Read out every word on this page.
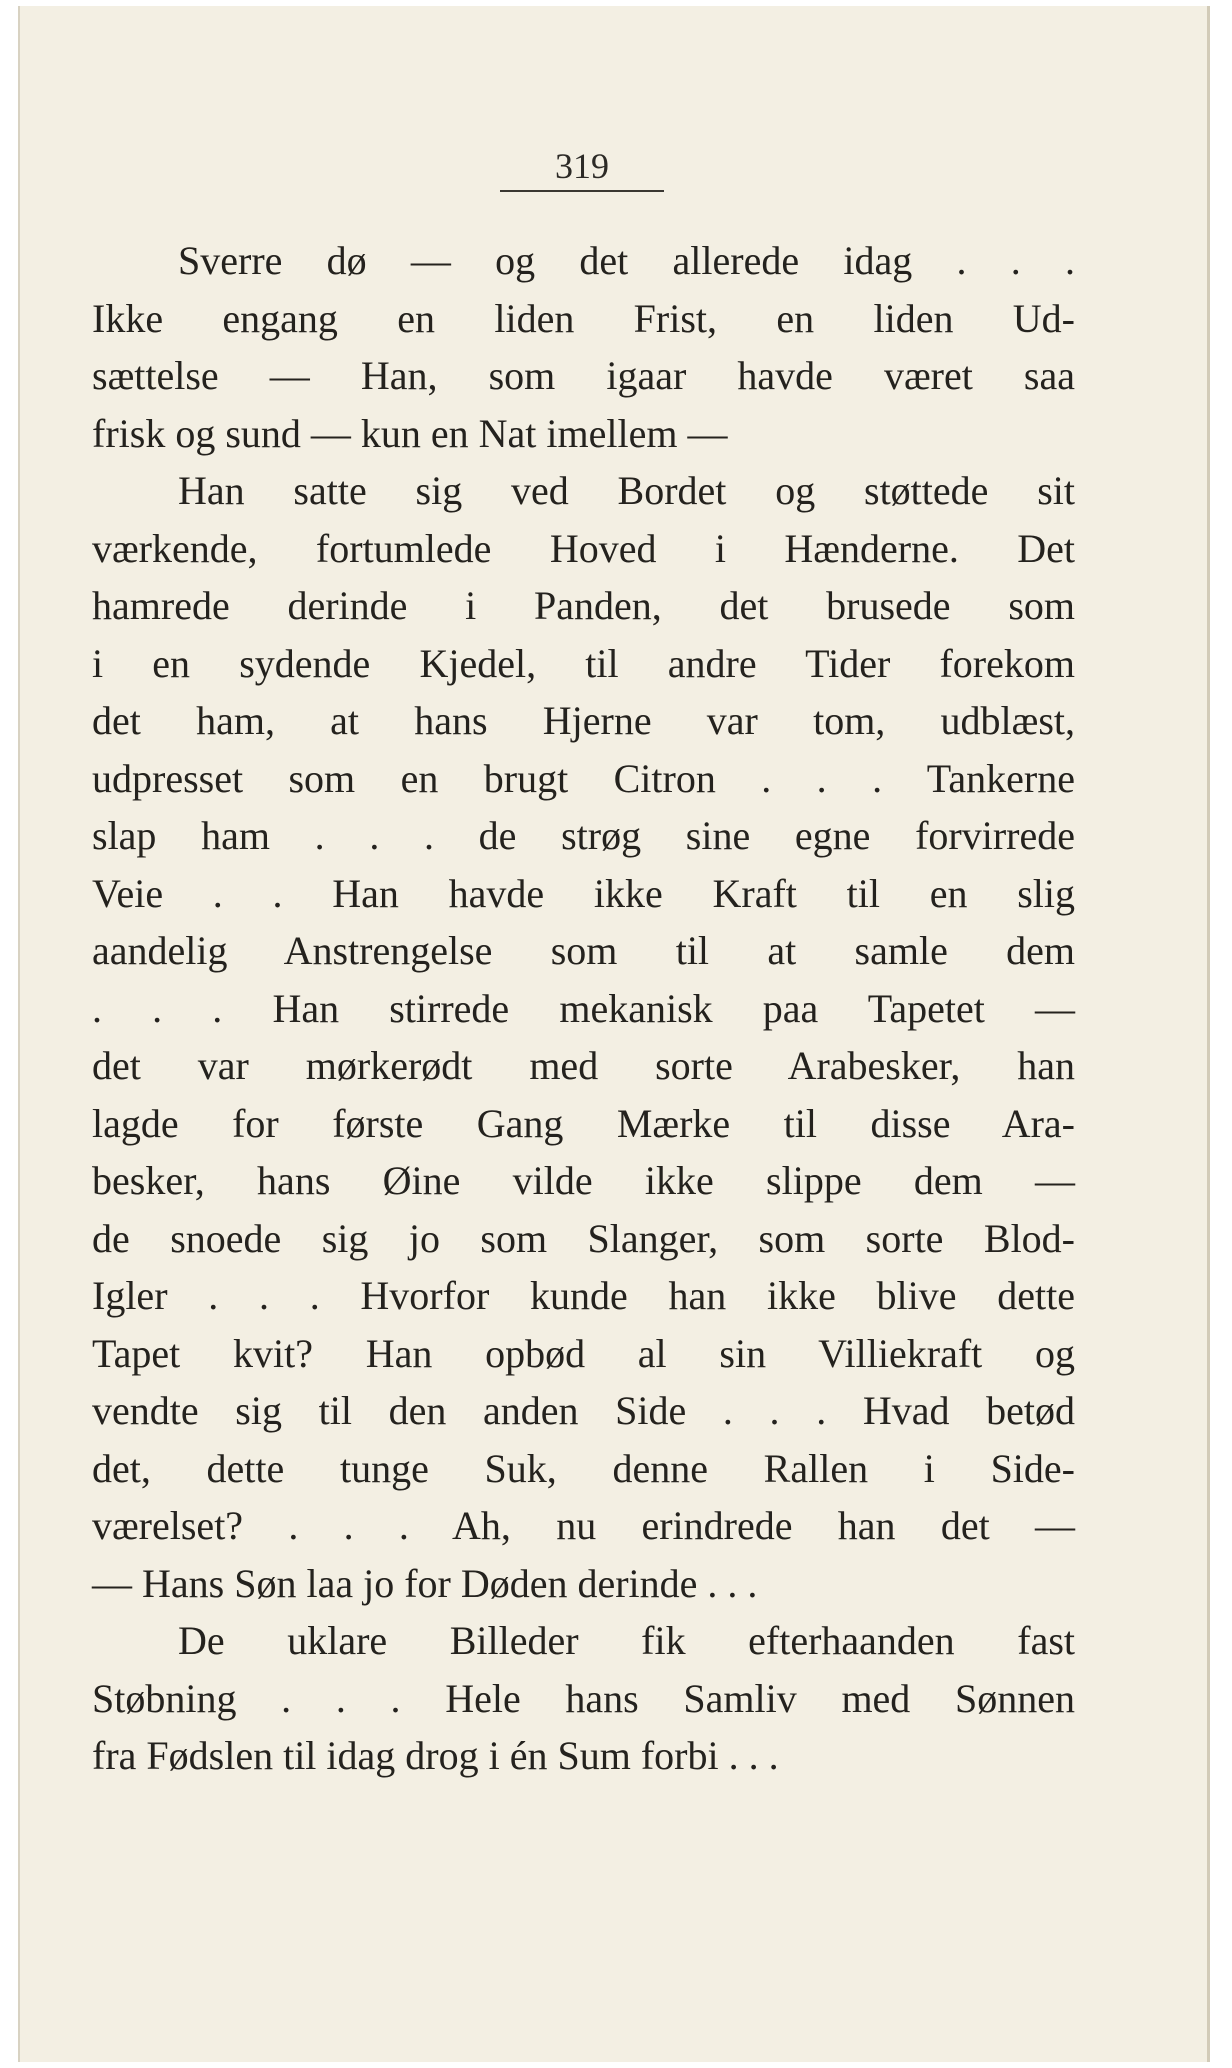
319
Sverre dø — og det allerede idag . . .
Ikke engang en liden Frist, en liden Ud-
sættelse — Han, som igaar havde været saa
frisk og sund — kun en Nat imellem —
Han satte sig ved Bordet og støttede sit
værkende, fortumlede Hoved i Hænderne. Det
hamrede derinde i Panden, det brusede som
i en sydende Kjedel, til andre Tider forekom
det ham, at hans Hjerne var tom, udblæst,
udpresset som en brugt Citron . . . Tankerne
slap ham . . . de strøg sine egne forvirrede
Veie . . Han havde ikke Kraft til en slig
aandelig Anstrengelse som til at samle dem
. . . Han stirrede mekanisk paa Tapetet —
det var mørkerødt med sorte Arabesker, han
lagde for første Gang Mærke til disse Ara-
besker, hans Øine vilde ikke slippe dem —
de snoede sig jo som Slanger, som sorte Blod-
Igler . . . Hvorfor kunde han ikke blive dette
Tapet kvit? Han opbød al sin Villiekraft og
vendte sig til den anden Side . . . Hvad betød
det, dette tunge Suk, denne Rallen i Side-
værelset? . . . Ah, nu erindrede han det —
— Hans Søn laa jo for Døden derinde . . .
De uklare Billeder fik efterhaanden fast
Støbning . . . Hele hans Samliv med Sønnen
fra Fødslen til idag drog i én Sum forbi . . .
